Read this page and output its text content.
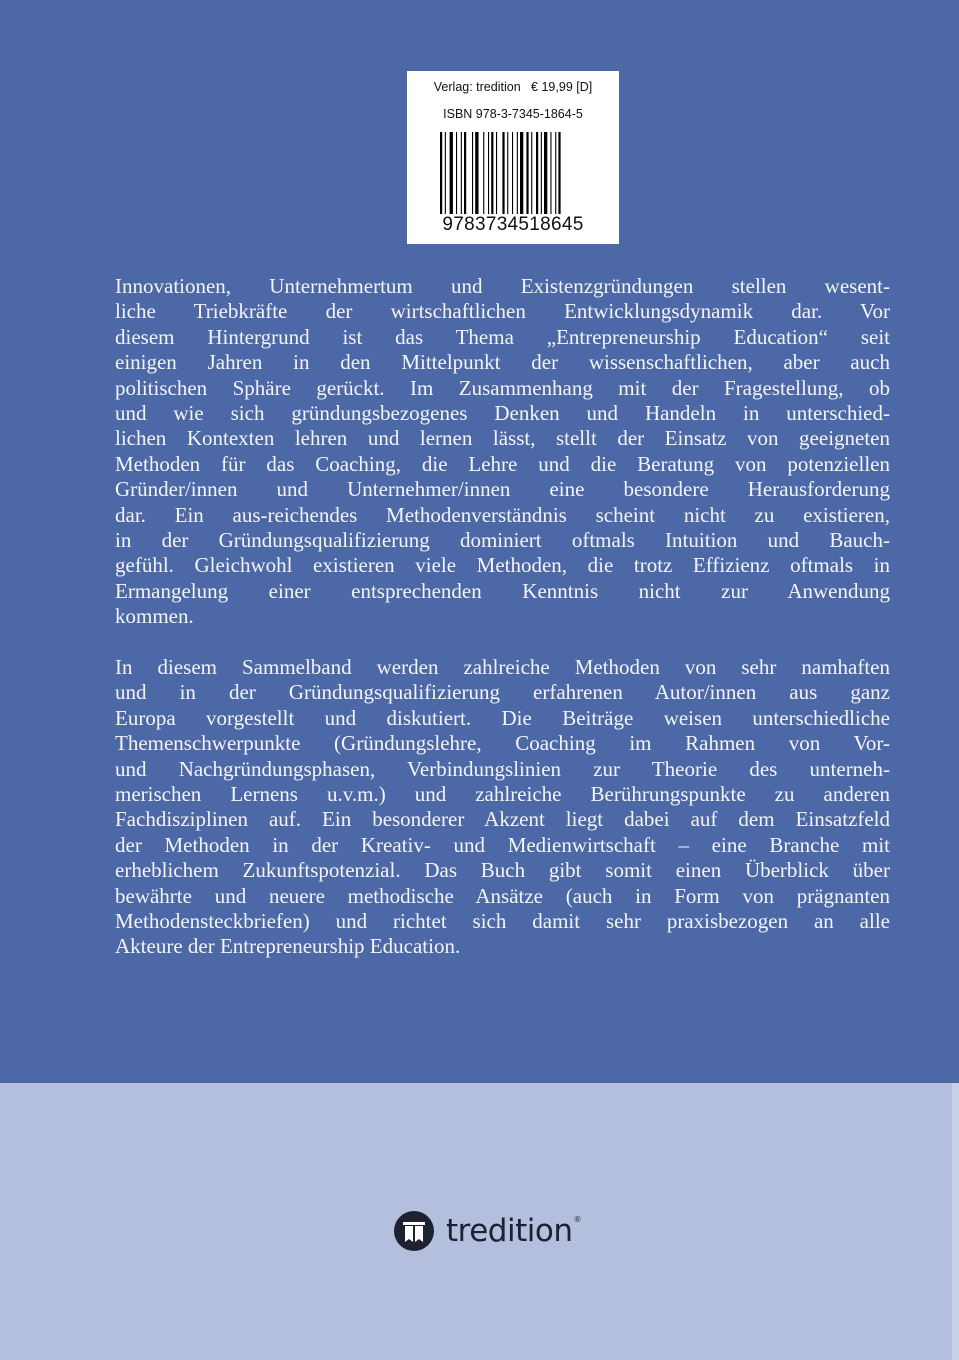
Verlag: tredition   € 19,99 [D]
ISBN 978-3-7345-1864-5
9783734518645
Innovationen, Unternehmertum und Existenzgründungen stellen wesent-
liche Triebkräfte der wirtschaftlichen Entwicklungsdynamik dar. Vor
diesem Hintergrund ist das Thema „Entrepreneurship Education“ seit
einigen Jahren in den Mittelpunkt der wissenschaftlichen, aber auch
politischen Sphäre gerückt. Im Zusammenhang mit der Fragestellung, ob
und wie sich gründungsbezogenes Denken und Handeln in unterschied-
lichen Kontexten lehren und lernen lässt, stellt der Einsatz von geeigneten
Methoden für das Coaching, die Lehre und die Beratung von potenziellen
Gründer/innen und Unternehmer/innen eine besondere Herausforderung
dar. Ein aus-reichendes Methodenverständnis scheint nicht zu existieren,
in der Gründungsqualifizierung dominiert oftmals Intuition und Bauch-
gefühl. Gleichwohl existieren viele Methoden, die trotz Effizienz oftmals in
Ermangelung einer entsprechenden Kenntnis nicht zur Anwendung
kommen.
In diesem Sammelband werden zahlreiche Methoden von sehr namhaften
und in der Gründungsqualifizierung erfahrenen Autor/innen aus ganz
Europa vorgestellt und diskutiert. Die Beiträge weisen unterschiedliche
Themenschwerpunkte (Gründungslehre, Coaching im Rahmen von Vor-
und Nachgründungsphasen, Verbindungslinien zur Theorie des unterneh-
merischen Lernens u.v.m.) und zahlreiche Berührungspunkte zu anderen
Fachdisziplinen auf. Ein besonderer Akzent liegt dabei auf dem Einsatzfeld
der Methoden in der Kreativ- und Medienwirtschaft – eine Branche mit
erheblichem Zukunftspotenzial. Das Buch gibt somit einen Überblick über
bewährte und neuere methodische Ansätze (auch in Form von prägnanten
Methodensteckbriefen) und richtet sich damit sehr praxisbezogen an alle
Akteure der Entrepreneurship Education.
tredition ®
